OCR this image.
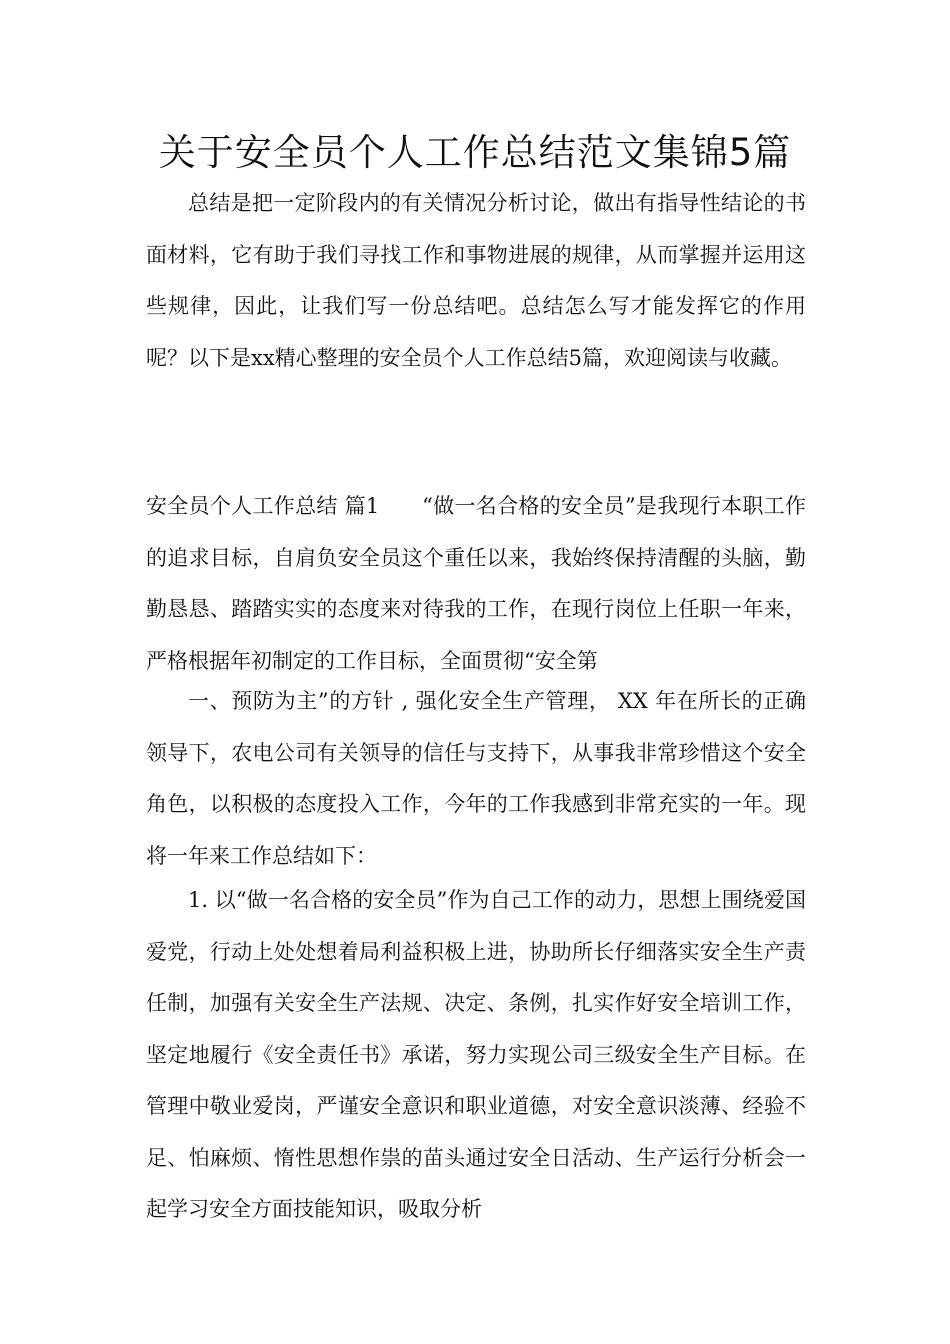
关于安全员个人工作总结范文集锦5篇

总结是把一定阶段内的有关情况分析讨论，做出有指导性结论的书面材料，它有助于我们寻找工作和事物进展的规律，从而掌握并运用这些规律，因此，让我们写一份总结吧。总结怎么写才能发挥它的作用呢？以下是xx精心整理的安全员个人工作总结5篇，欢迎阅读与收藏。

安全员个人工作总结 篇1　　“做一名合格的安全员”是我现行本职工作的追求目标，自肩负安全员这个重任以来，我始终保持清醒的头脑，勤勤恳恳、踏踏实实的态度来对待我的工作，在现行岗位上任职一年来，严格根据年初制定的工作目标，全面贯彻“安全第

一、预防为主”的方针 , 强化安全生产管理， XX 年在所长的正确领导下，农电公司有关领导的信任与支持下，从事我非常珍惜这个安全角色，以积极的态度投入工作，今年的工作我感到非常充实的一年。现将一年来工作总结如下：

1. 以“做一名合格的安全员”作为自己工作的动力，思想上围绕爱国爱党，行动上处处想着局利益积极上进，协助所长仔细落实安全生产责任制，加强有关安全生产法规、决定、条例，扎实作好安全培训工作，坚定地履行《安全责任书》承诺，努力实现公司三级安全生产目标。在管理中敬业爱岗，严谨安全意识和职业道德，对安全意识淡薄、经验不足、怕麻烦、惰性思想作祟的苗头通过安全日活动、生产运行分析会一起学习安全方面技能知识，吸取分析
